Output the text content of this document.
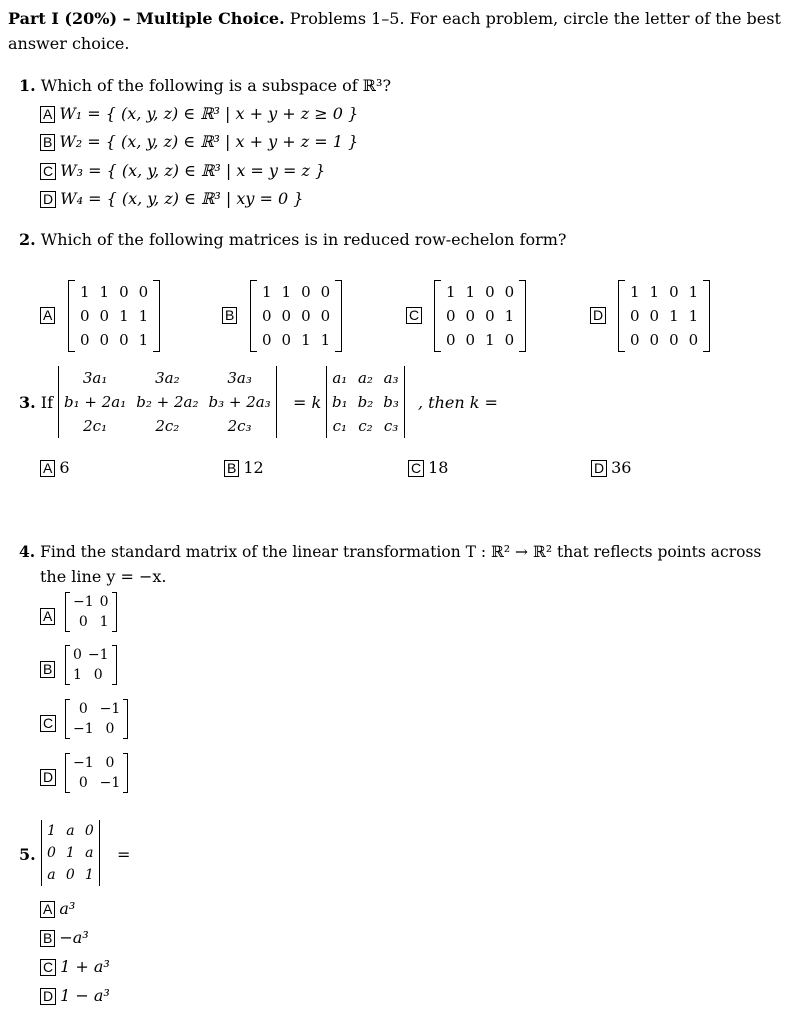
Part I (20%) – Multiple Choice. Problems 1–5. For each problem, circle the letter of the best
answer choice.
1. Which of the following is a subspace of ℝ³?
A W₁ = { (x, y, z) ∈ ℝ³ | x + y + z ≥ 0 }
B W₂ = { (x, y, z) ∈ ℝ³ | x + y + z = 1 }
C W₃ = { (x, y, z) ∈ ℝ³ | x = y = z }
D W₄ = { (x, y, z) ∈ ℝ³ | xy = 0 }
2. Which of the following matrices is in reduced row-echelon form?
A
1	1	0	0
0	0	1	1
0	0	0	1
B
1	1	0	0
0	0	0	0
0	0	1	1
C
1	1	0	0
0	0	0	1
0	0	1	0
D
1	1	0	1
0	0	1	1
0	0	0	0
3. If
3a₁	3a₂	3a₃
b₁ + 2a₁	b₂ + 2a₂	b₃ + 2a₃
2c₁	2c₂	2c₃
= k
a₁	a₂	a₃
b₁	b₂	b₃
c₁	c₂	c₃
, then k =
A 6	B 12	C 18	D 36
4. Find the standard matrix of the linear transformation T : ℝ² → ℝ² that reflects points across
the line y = −x.
A
−1	0
0	1
B
0	−1
1	0
C
0	−1
−1	0
D
−1	0
0	−1
5.
1	a	0
0	1	a
a	0	1
=
A a³
B −a³
C 1 + a³
D 1 − a³
